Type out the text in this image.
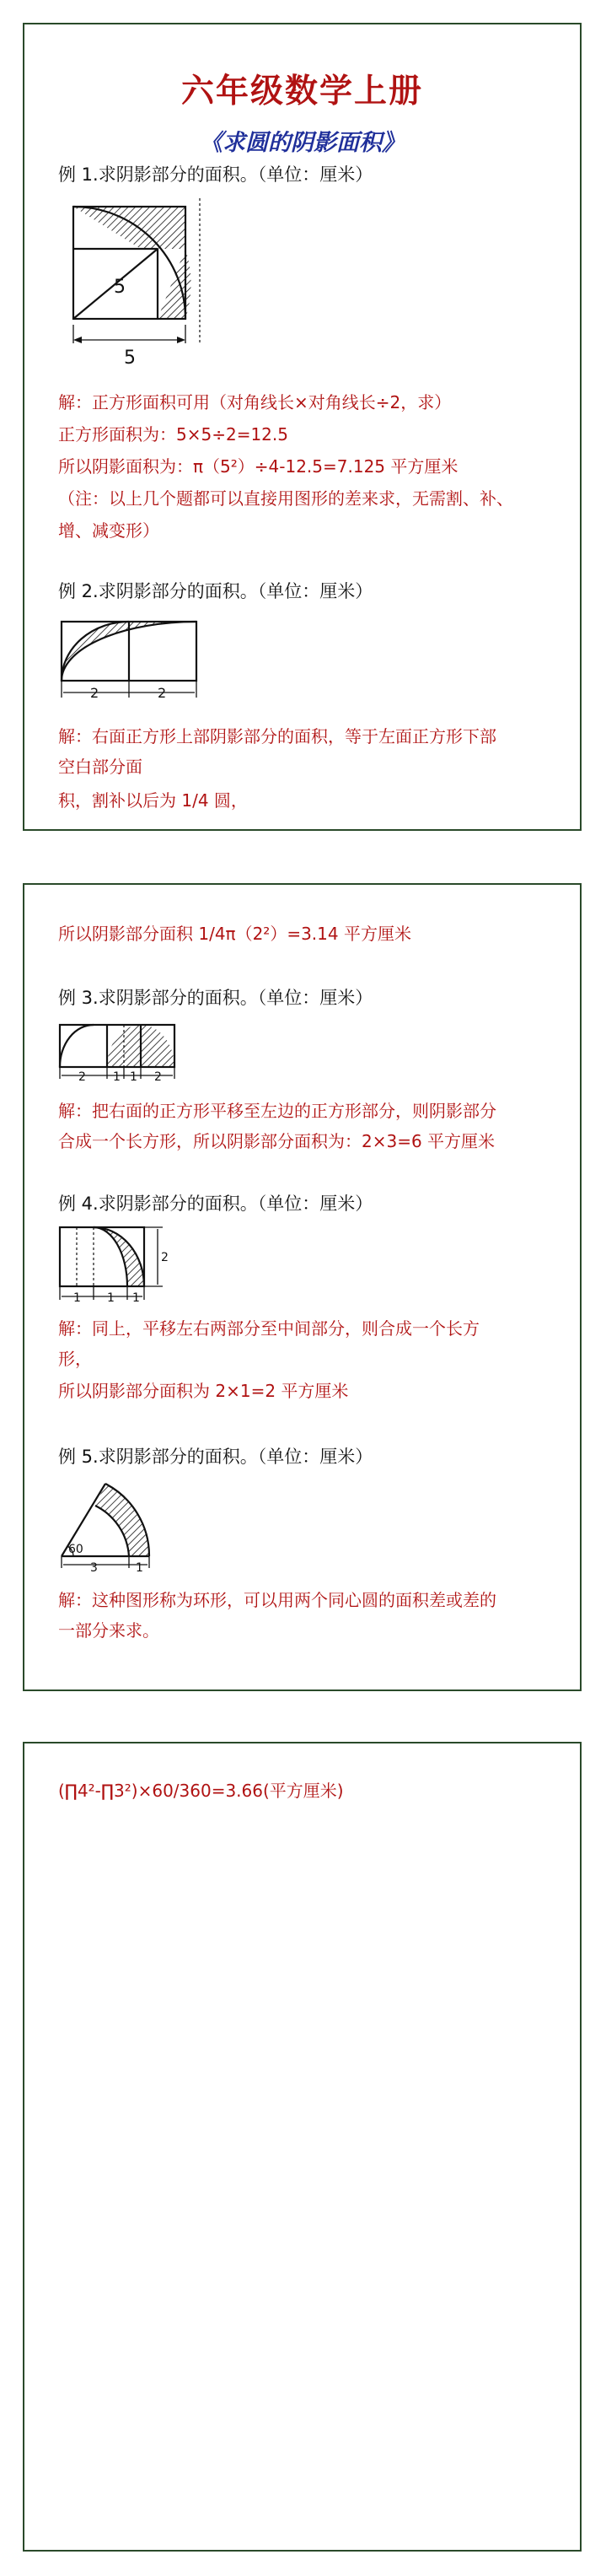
六年级数学上册
《求圆的阴影面积》
例 1.求阴影部分的面积。（单位：厘米）
5
5
解：正方形面积可用（对角线长×对角线长÷2，求）
正方形面积为：5×5÷2=12.5
所以阴影面积为：π（5²）÷4-12.5=7.125 平方厘米
（注：以上几个题都可以直接用图形的差来求，无需割、补、
增、减变形）
例 2.求阴影部分的面积。（单位：厘米）
2	2
解：右面正方形上部阴影部分的面积，等于左面正方形下部
空白部分面
积，割补以后为 1/4 圆，
所以阴影部分面积 1/4π（2²）=3.14 平方厘米
例 3.求阴影部分的面积。（单位：厘米）
2 1 1 2
解：把右面的正方形平移至左边的正方形部分，则阴影部分
合成一个长方形，所以阴影部分面积为：2×3=6 平方厘米
例 4.求阴影部分的面积。（单位：厘米）
2
1 1 1
解：同上，平移左右两部分至中间部分，则合成一个长方
形，
所以阴影部分面积为 2×1=2 平方厘米
例 5.求阴影部分的面积。（单位：厘米）
60
3	1
解：这种图形称为环形，可以用两个同心圆的面积差或差的
一部分来求。
(∏4²-∏3²)×60/360=3.66(平方厘米)
